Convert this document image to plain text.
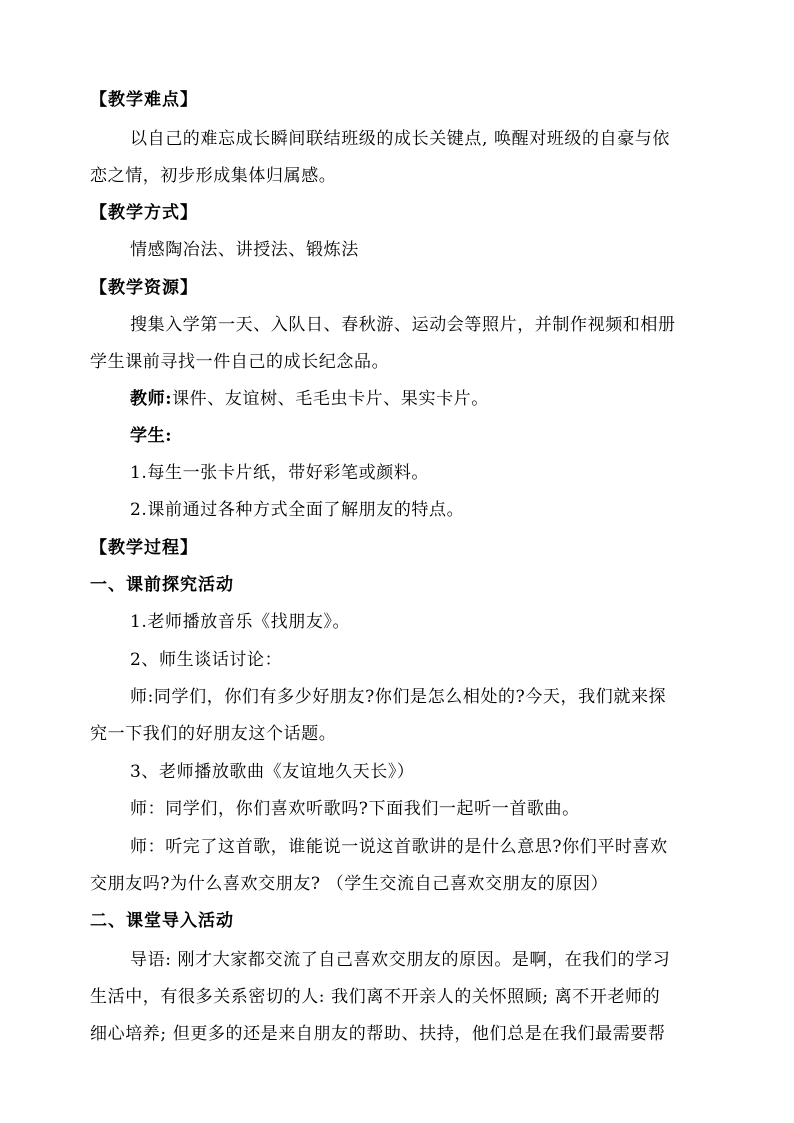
【教学难点】
以自己的难忘成长瞬间联结班级的成长关键点, 唤醒对班级的自豪与依
恋之情，初步形成集体归属感。
【教学方式】
情感陶冶法、讲授法、锻炼法
【教学资源】
搜集入学第一天、入队日、春秋游、运动会等照片，并制作视频和相册
学生课前寻找一件自己的成长纪念品。
教师:课件、友谊树、毛毛虫卡片、果实卡片。
学生:
1.每生一张卡片纸，带好彩笔或颜料。
2.课前通过各种方式全面了解朋友的特点。
【教学过程】
一、课前探究活动
1.老师播放音乐《找朋友》。
2、师生谈话讨论：
师:同学们，你们有多少好朋友?你们是怎么相处的?今天，我们就来探
究一下我们的好朋友这个话题。
3、老师播放歌曲《友谊地久天长》）
师：同学们，你们喜欢听歌吗?下面我们一起听一首歌曲。
师：听完了这首歌，谁能说一说这首歌讲的是什么意思?你们平时喜欢
交朋友吗?为什么喜欢交朋友? （学生交流自己喜欢交朋友的原因）
二、课堂导入活动
导语: 刚才大家都交流了自己喜欢交朋友的原因。是啊，在我们的学习
生活中，有很多关系密切的人: 我们离不开亲人的关怀照顾; 离不开老师的
细心培养; 但更多的还是来自朋友的帮助、扶持，他们总是在我们最需要帮
